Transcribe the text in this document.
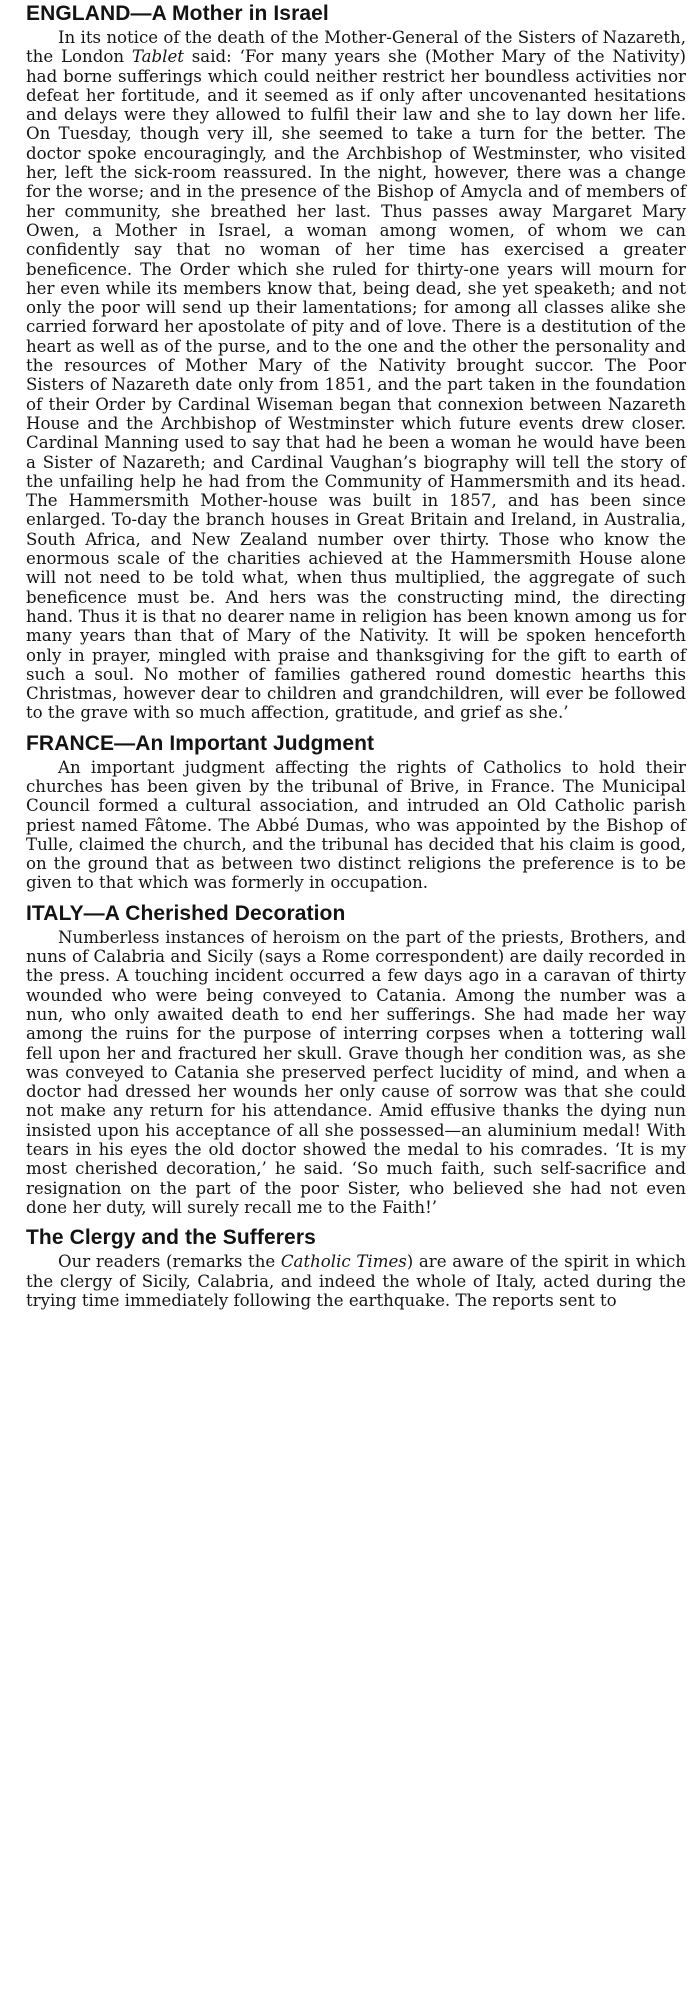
ENGLAND—A Mother in Israel

In its notice of the death of the Mother-General of the Sisters of Nazareth, the London Tablet said: ‘For many years she (Mother Mary of the Nativity) had borne sufferings which could neither restrict her boundless activities nor defeat her fortitude, and it seemed as if only after uncovenanted hesitations and delays were they allowed to fulfil their law and she to lay down her life. On Tuesday, though very ill, she seemed to take a turn for the better. The doctor spoke encouragingly, and the Archbishop of Westminster, who visited her, left the sick-room reassured. In the night, however, there was a change for the worse; and in the presence of the Bishop of Amycla and of members of her community, she breathed her last. Thus passes away Margaret Mary Owen, a Mother in Israel, a woman among women, of whom we can confidently say that no woman of her time has exercised a greater beneficence. The Order which she ruled for thirty-one years will mourn for her even while its members know that, being dead, she yet speaketh; and not only the poor will send up their lamentations; for among all classes alike she carried forward her apostolate of pity and of love. There is a destitution of the heart as well as of the purse, and to the one and the other the personality and the resources of Mother Mary of the Nativity brought succor. The Poor Sisters of Nazareth date only from 1851, and the part taken in the foundation of their Order by Cardinal Wiseman began that connexion between Nazareth House and the Archbishop of Westminster which future events drew closer. Cardinal Manning used to say that had he been a woman he would have been a Sister of Nazareth; and Cardinal Vaughan’s biography will tell the story of the unfailing help he had from the Community of Hammersmith and its head. The Hammersmith Mother-house was built in 1857, and has been since enlarged. To-day the branch houses in Great Britain and Ireland, in Australia, South Africa, and New Zealand number over thirty. Those who know the enormous scale of the charities achieved at the Hammersmith House alone will not need to be told what, when thus multiplied, the aggregate of such beneficence must be. And hers was the constructing mind, the directing hand. Thus it is that no dearer name in religion has been known among us for many years than that of Mary of the Nativity. It will be spoken henceforth only in prayer, mingled with praise and thanksgiving for the gift to earth of such a soul. No mother of families gathered round domestic hearths this Christmas, however dear to children and grandchildren, will ever be followed to the grave with so much affection, gratitude, and grief as she.’

FRANCE—An Important Judgment

An important judgment affecting the rights of Catholics to hold their churches has been given by the tribunal of Brive, in France. The Municipal Council formed a cultural association, and intruded an Old Catholic parish priest named Fâtome. The Abbé Dumas, who was appointed by the Bishop of Tulle, claimed the church, and the tribunal has decided that his claim is good, on the ground that as between two distinct religions the preference is to be given to that which was formerly in occupation.

ITALY—A Cherished Decoration

Numberless instances of heroism on the part of the priests, Brothers, and nuns of Calabria and Sicily (says a Rome correspondent) are daily recorded in the press. A touching incident occurred a few days ago in a caravan of thirty wounded who were being conveyed to Catania. Among the number was a nun, who only awaited death to end her sufferings. She had made her way among the ruins for the purpose of interring corpses when a tottering wall fell upon her and fractured her skull. Grave though her condition was, as she was conveyed to Catania she preserved perfect lucidity of mind, and when a doctor had dressed her wounds her only cause of sorrow was that she could not make any return for his attendance. Amid effusive thanks the dying nun insisted upon his acceptance of all she possessed—an aluminium medal! With tears in his eyes the old doctor showed the medal to his comrades. ‘It is my most cherished decoration,’ he said. ‘So much faith, such self-sacrifice and resignation on the part of the poor Sister, who believed she had not even done her duty, will surely recall me to the Faith!’

The Clergy and the Sufferers

Our readers (remarks the Catholic Times) are aware of the spirit in which the clergy of Sicily, Calabria, and indeed the whole of Italy, acted during the trying time immediately following the earthquake. The reports sent to
